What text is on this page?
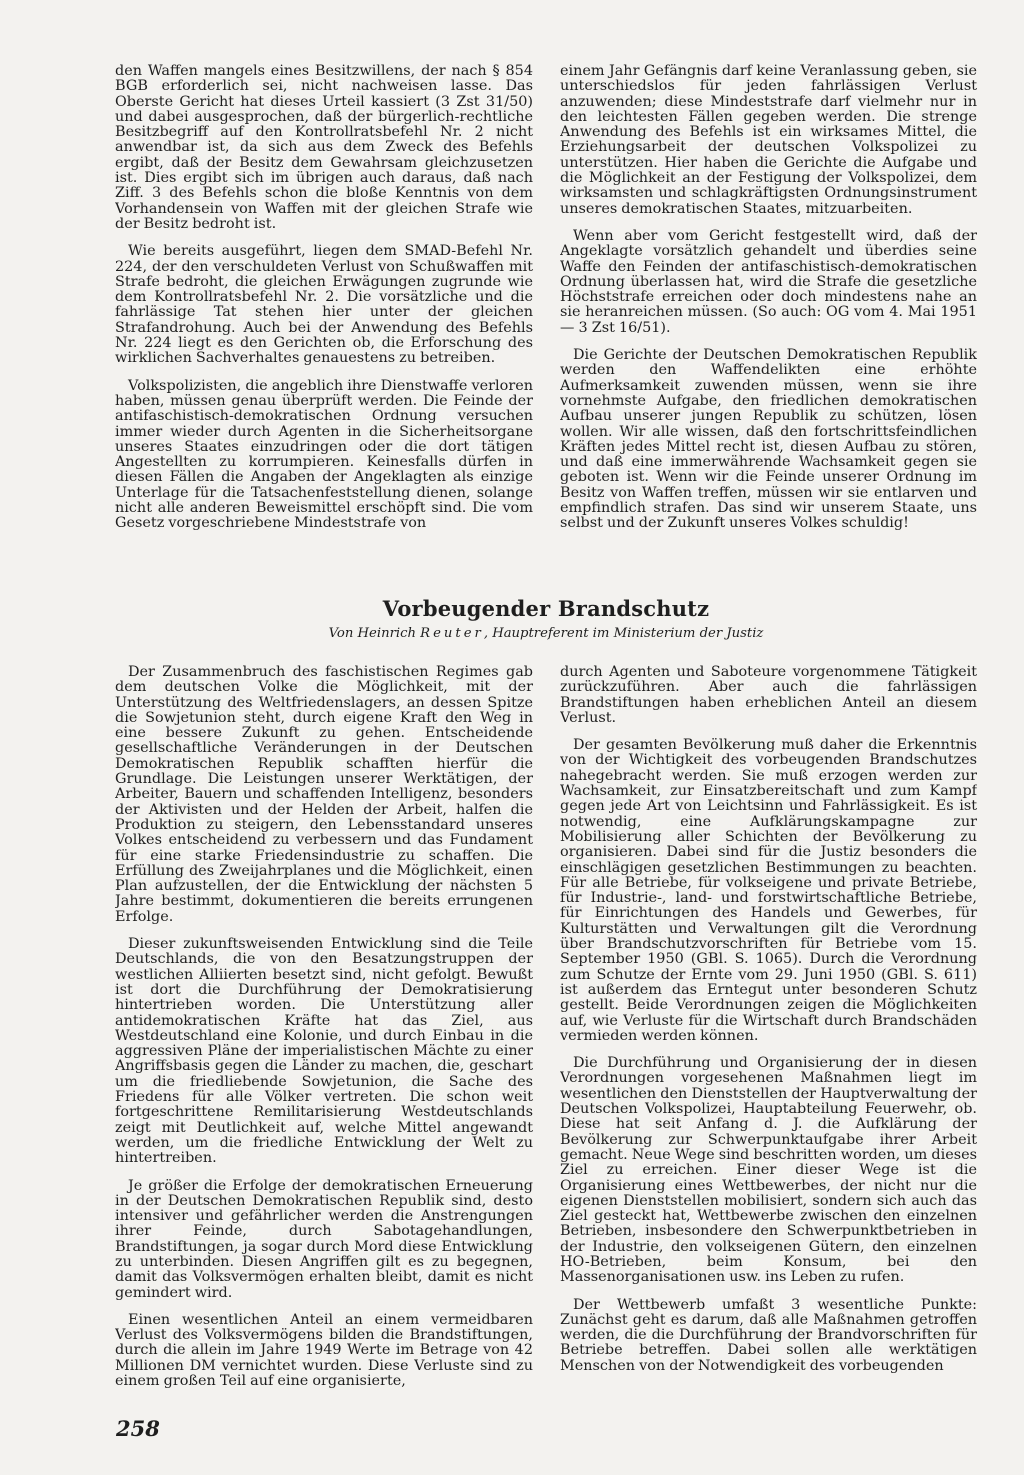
den Waffen mangels eines Besitzwillens, der nach § 854 BGB erforderlich sei, nicht nachweisen lasse. Das Oberste Gericht hat dieses Urteil kassiert (3 Zst 31/50) und dabei ausgesprochen, daß der bürgerlich-rechtliche Besitzbegriff auf den Kontrollratsbefehl Nr. 2 nicht anwendbar ist, da sich aus dem Zweck des Befehls ergibt, daß der Besitz dem Gewahrsam gleichzusetzen ist. Dies ergibt sich im übrigen auch daraus, daß nach Ziff. 3 des Befehls schon die bloße Kenntnis von dem Vorhandensein von Waffen mit der gleichen Strafe wie der Besitz bedroht ist.

Wie bereits ausgeführt, liegen dem SMAD-Befehl Nr. 224, der den verschuldeten Verlust von Schußwaffen mit Strafe bedroht, die gleichen Erwägungen zugrunde wie dem Kontrollratsbefehl Nr. 2. Die vorsätzliche und die fahrlässige Tat stehen hier unter der gleichen Strafandrohung. Auch bei der Anwendung des Befehls Nr. 224 liegt es den Gerichten ob, die Erforschung des wirklichen Sachverhaltes genauestens zu betreiben.

Volkspolizisten, die angeblich ihre Dienstwaffe verloren haben, müssen genau überprüft werden. Die Feinde der antifaschistisch-demokratischen Ordnung versuchen immer wieder durch Agenten in die Sicherheitsorgane unseres Staates einzudringen oder die dort tätigen Angestellten zu korrumpieren. Keinesfalls dürfen in diesen Fällen die Angaben der Angeklagten als einzige Unterlage für die Tatsachenfeststellung dienen, solange nicht alle anderen Beweismittel erschöpft sind. Die vom Gesetz vorgeschriebene Mindeststrafe von

einem Jahr Gefängnis darf keine Veranlassung geben, sie unterschiedslos für jeden fahrlässigen Verlust anzuwenden; diese Mindeststrafe darf vielmehr nur in den leichtesten Fällen gegeben werden. Die strenge Anwendung des Befehls ist ein wirksames Mittel, die Erziehungsarbeit der deutschen Volkspolizei zu unterstützen. Hier haben die Gerichte die Aufgabe und die Möglichkeit an der Festigung der Volkspolizei, dem wirksamsten und schlagkräftigsten Ordnungsinstrument unseres demokratischen Staates, mitzuarbeiten.

Wenn aber vom Gericht festgestellt wird, daß der Angeklagte vorsätzlich gehandelt und überdies seine Waffe den Feinden der antifaschistisch-demokratischen Ordnung überlassen hat, wird die Strafe die gesetzliche Höchststrafe erreichen oder doch mindestens nahe an sie heranreichen müssen. (So auch: OG vom 4. Mai 1951 — 3 Zst 16/51).

Die Gerichte der Deutschen Demokratischen Republik werden den Waffendelikten eine erhöhte Aufmerksamkeit zuwenden müssen, wenn sie ihre vornehmste Aufgabe, den friedlichen demokratischen Aufbau unserer jungen Republik zu schützen, lösen wollen. Wir alle wissen, daß den fortschrittsfeindlichen Kräften jedes Mittel recht ist, diesen Aufbau zu stören, und daß eine immerwährende Wachsamkeit gegen sie geboten ist. Wenn wir die Feinde unserer Ordnung im Besitz von Waffen treffen, müssen wir sie entlarven und empfindlich strafen. Das sind wir unserem Staate, uns selbst und der Zukunft unseres Volkes schuldig!

Vorbeugender Brandschutz
Von Heinrich Reuter, Hauptreferent im Ministerium der Justiz

Der Zusammenbruch des faschistischen Regimes gab dem deutschen Volke die Möglichkeit, mit der Unterstützung des Weltfriedenslagers, an dessen Spitze die Sowjetunion steht, durch eigene Kraft den Weg in eine bessere Zukunft zu gehen. Entscheidende gesellschaftliche Veränderungen in der Deutschen Demokratischen Republik schafften hierfür die Grundlage. Die Leistungen unserer Werktätigen, der Arbeiter, Bauern und schaffenden Intelligenz, besonders der Aktivisten und der Helden der Arbeit, halfen die Produktion zu steigern, den Lebensstandard unseres Volkes entscheidend zu verbessern und das Fundament für eine starke Friedensindustrie zu schaffen. Die Erfüllung des Zweijahrplanes und die Möglichkeit, einen Plan aufzustellen, der die Entwicklung der nächsten 5 Jahre bestimmt, dokumentieren die bereits errungenen Erfolge.

Dieser zukunftsweisenden Entwicklung sind die Teile Deutschlands, die von den Besatzungstruppen der westlichen Alliierten besetzt sind, nicht gefolgt. Bewußt ist dort die Durchführung der Demokratisierung hintertrieben worden. Die Unterstützung aller antidemokratischen Kräfte hat das Ziel, aus Westdeutschland eine Kolonie, und durch Einbau in die aggressiven Pläne der imperialistischen Mächte zu einer Angriffsbasis gegen die Länder zu machen, die, geschart um die friedliebende Sowjetunion, die Sache des Friedens für alle Völker vertreten. Die schon weit fortgeschrittene Remilitarisierung Westdeutschlands zeigt mit Deutlichkeit auf, welche Mittel angewandt werden, um die friedliche Entwicklung der Welt zu hintertreiben.

Je größer die Erfolge der demokratischen Erneuerung in der Deutschen Demokratischen Republik sind, desto intensiver und gefährlicher werden die Anstrengungen ihrer Feinde, durch Sabotagehandlungen, Brandstiftungen, ja sogar durch Mord diese Entwicklung zu unterbinden. Diesen Angriffen gilt es zu begegnen, damit das Volksvermögen erhalten bleibt, damit es nicht gemindert wird.

Einen wesentlichen Anteil an einem vermeidbaren Verlust des Volksvermögens bilden die Brandstiftungen, durch die allein im Jahre 1949 Werte im Betrage von 42 Millionen DM vernichtet wurden. Diese Verluste sind zu einem großen Teil auf eine organisierte,

durch Agenten und Saboteure vorgenommene Tätigkeit zurückzuführen. Aber auch die fahrlässigen Brandstiftungen haben erheblichen Anteil an diesem Verlust.

Der gesamten Bevölkerung muß daher die Erkenntnis von der Wichtigkeit des vorbeugenden Brandschutzes nahegebracht werden. Sie muß erzogen werden zur Wachsamkeit, zur Einsatzbereitschaft und zum Kampf gegen jede Art von Leichtsinn und Fahrlässigkeit. Es ist notwendig, eine Aufklärungskampagne zur Mobilisierung aller Schichten der Bevölkerung zu organisieren. Dabei sind für die Justiz besonders die einschlägigen gesetzlichen Bestimmungen zu beachten. Für alle Betriebe, für volkseigene und private Betriebe, für Industrie-, land- und forstwirtschaftliche Betriebe, für Einrichtungen des Handels und Gewerbes, für Kulturstätten und Verwaltungen gilt die Verordnung über Brandschutzvorschriften für Betriebe vom 15. September 1950 (GBl. S. 1065). Durch die Verordnung zum Schutze der Ernte vom 29. Juni 1950 (GBl. S. 611) ist außerdem das Erntegut unter besonderen Schutz gestellt. Beide Verordnungen zeigen die Möglichkeiten auf, wie Verluste für die Wirtschaft durch Brandschäden vermieden werden können.

Die Durchführung und Organisierung der in diesen Verordnungen vorgesehenen Maßnahmen liegt im wesentlichen den Dienststellen der Hauptverwaltung der Deutschen Volkspolizei, Hauptabteilung Feuerwehr, ob. Diese hat seit Anfang d. J. die Aufklärung der Bevölkerung zur Schwerpunktaufgabe ihrer Arbeit gemacht. Neue Wege sind beschritten worden, um dieses Ziel zu erreichen. Einer dieser Wege ist die Organisierung eines Wettbewerbes, der nicht nur die eigenen Dienststellen mobilisiert, sondern sich auch das Ziel gesteckt hat, Wettbewerbe zwischen den einzelnen Betrieben, insbesondere den Schwerpunktbetrieben in der Industrie, den volkseigenen Gütern, den einzelnen HO-Betrieben, beim Konsum, bei den Massenorganisationen usw. ins Leben zu rufen.

Der Wettbewerb umfaßt 3 wesentliche Punkte: Zunächst geht es darum, daß alle Maßnahmen getroffen werden, die die Durchführung der Brandvorschriften für Betriebe betreffen. Dabei sollen alle werktätigen Menschen von der Notwendigkeit des vorbeugenden

258
